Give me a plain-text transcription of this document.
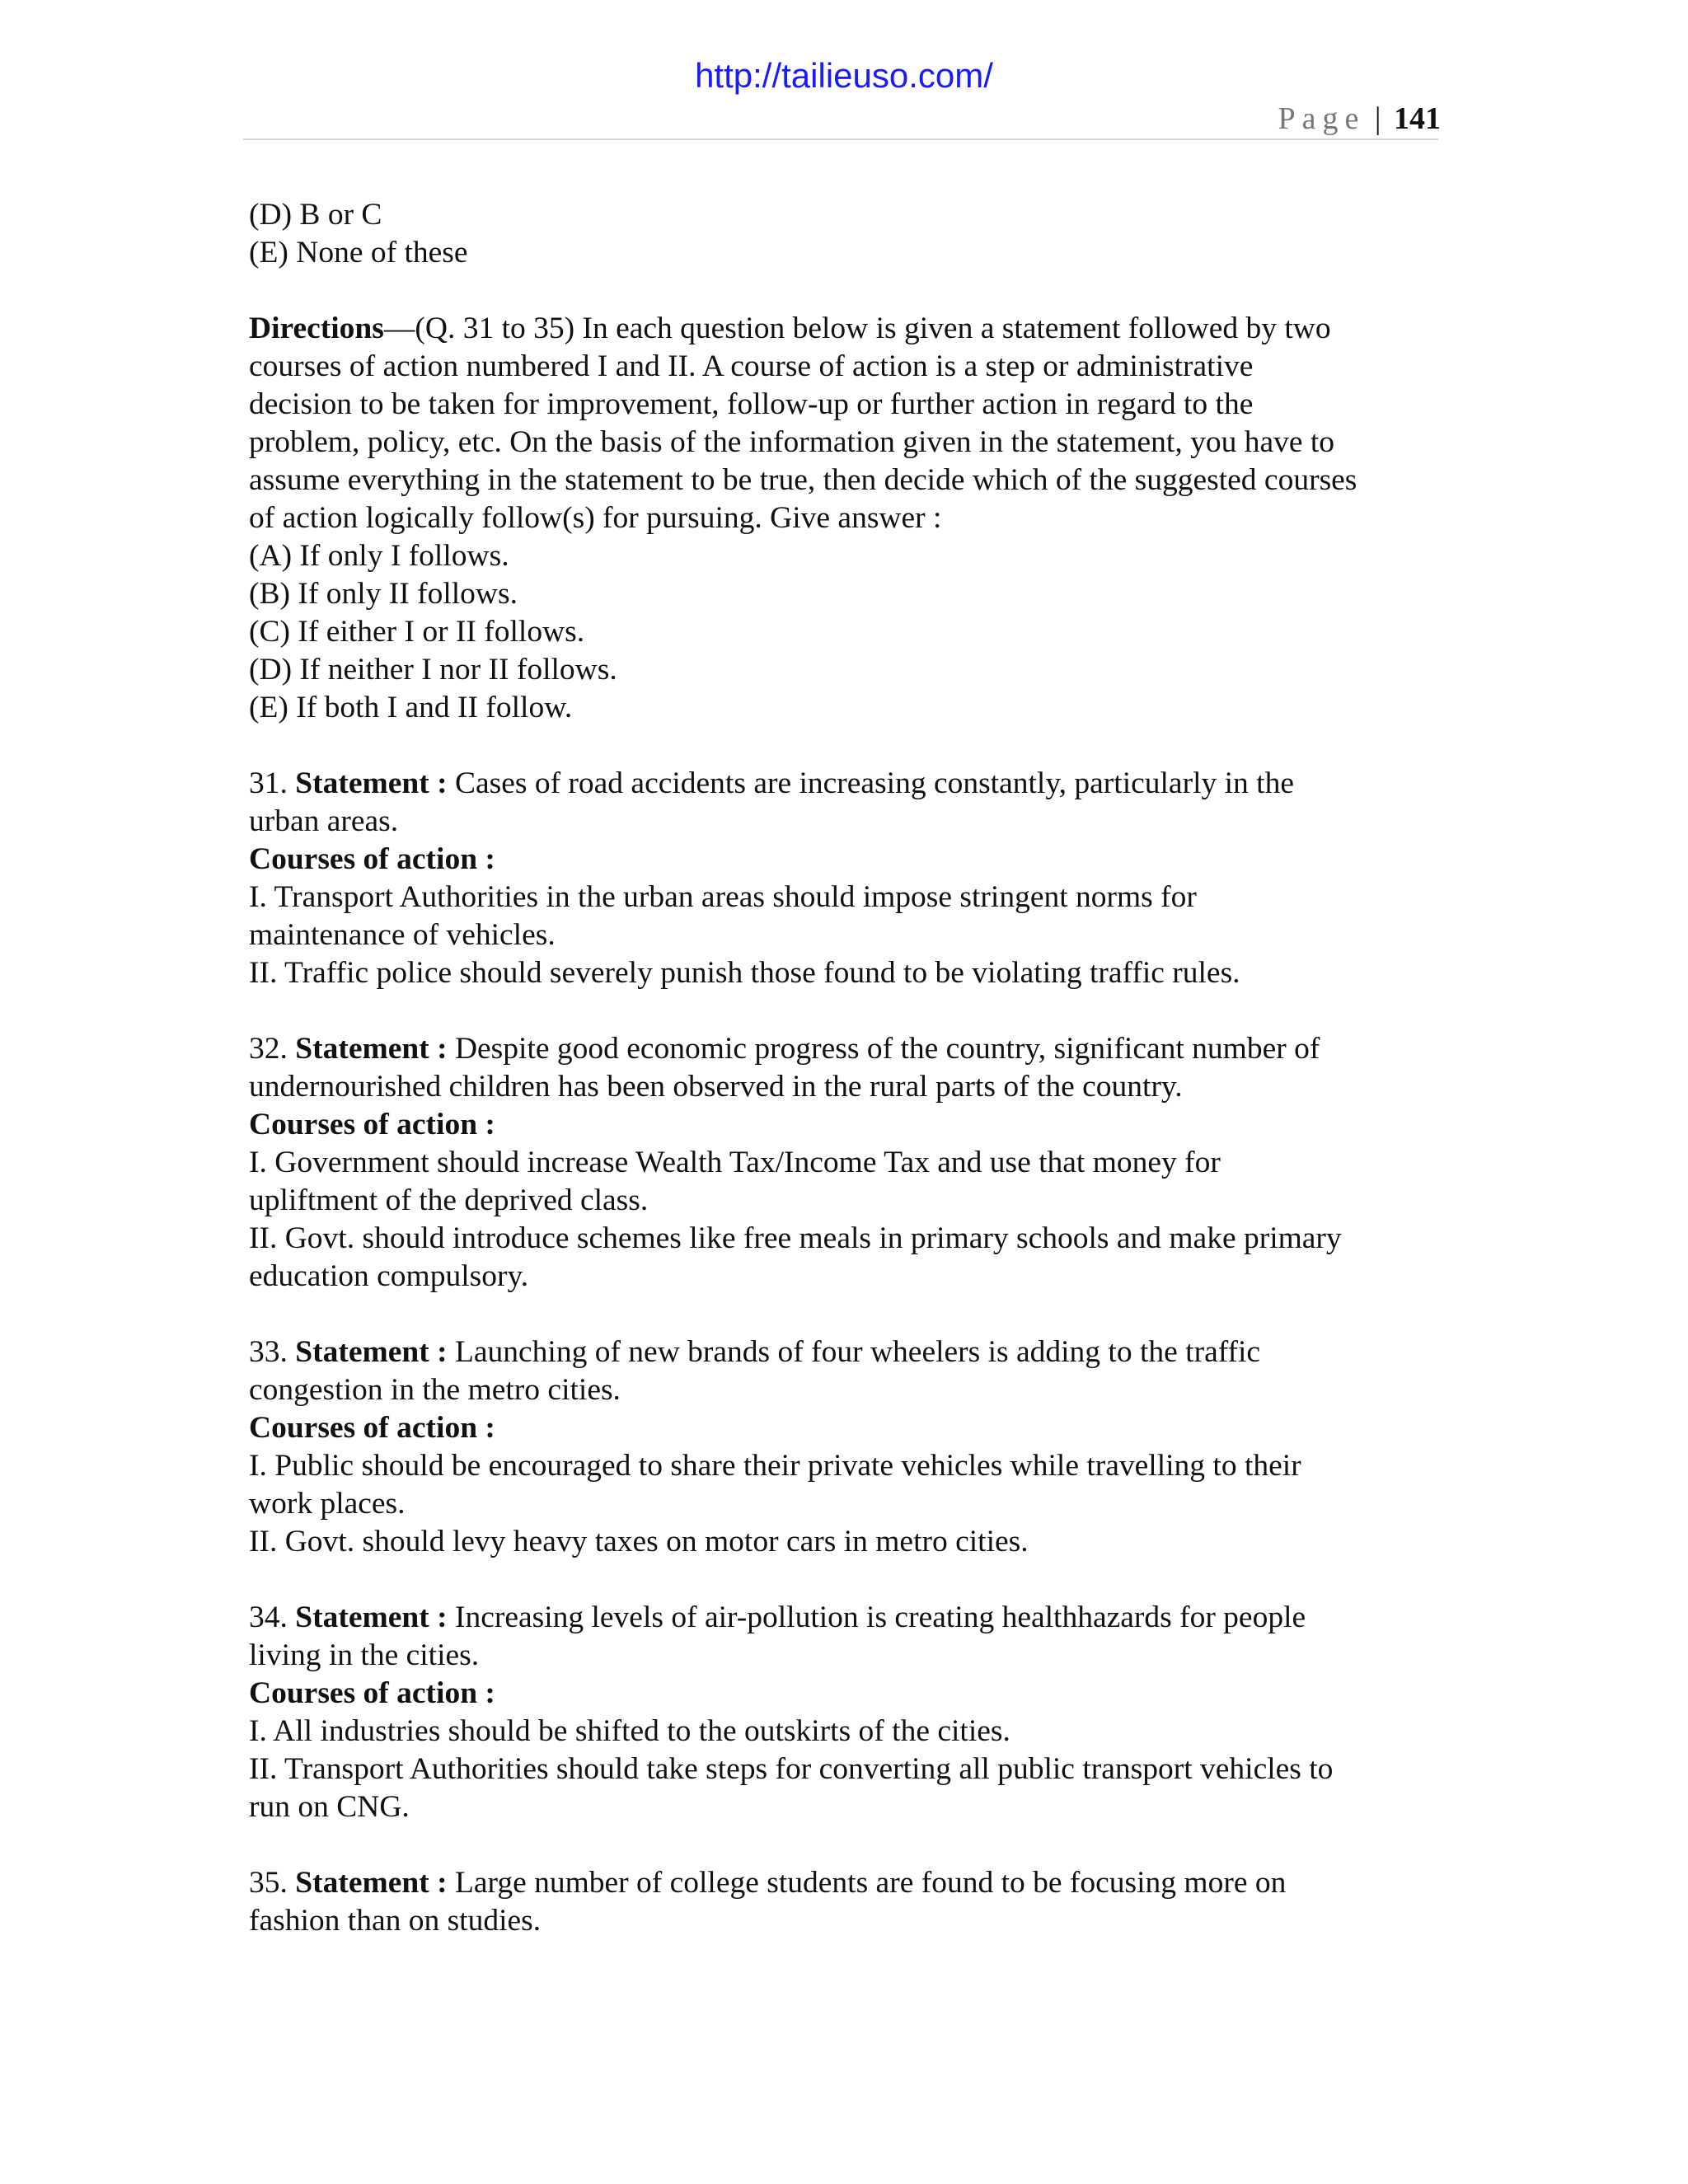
http://tailieuso.com/
Page | 141
(D) B or C
(E) None of these
Directions—(Q. 31 to 35) In each question below is given a statement followed by two
courses of action numbered I and II. A course of action is a step or administrative
decision to be taken for improvement, follow-up or further action in regard to the
problem, policy, etc. On the basis of the information given in the statement, you have to
assume everything in the statement to be true, then decide which of the suggested courses
of action logically follow(s) for pursuing. Give answer :
(A) If only I follows.
(B) If only II follows.
(C) If either I or II follows.
(D) If neither I nor II follows.
(E) If both I and II follow.
31. Statement : Cases of road accidents are increasing constantly, particularly in the
urban areas.
Courses of action :
I. Transport Authorities in the urban areas should impose stringent norms for
maintenance of vehicles.
II. Traffic police should severely punish those found to be violating traffic rules.
32. Statement : Despite good economic progress of the country, significant number of
undernourished children has been observed in the rural parts of the country.
Courses of action :
I. Government should increase Wealth Tax/Income Tax and use that money for
upliftment of the deprived class.
II. Govt. should introduce schemes like free meals in primary schools and make primary
education compulsory.
33. Statement : Launching of new brands of four wheelers is adding to the traffic
congestion in the metro cities.
Courses of action :
I. Public should be encouraged to share their private vehicles while travelling to their
work places.
II. Govt. should levy heavy taxes on motor cars in metro cities.
34. Statement : Increasing levels of air-pollution is creating healthhazards for people
living in the cities.
Courses of action :
I. All industries should be shifted to the outskirts of the cities.
II. Transport Authorities should take steps for converting all public transport vehicles to
run on CNG.
35. Statement : Large number of college students are found to be focusing more on
fashion than on studies.
